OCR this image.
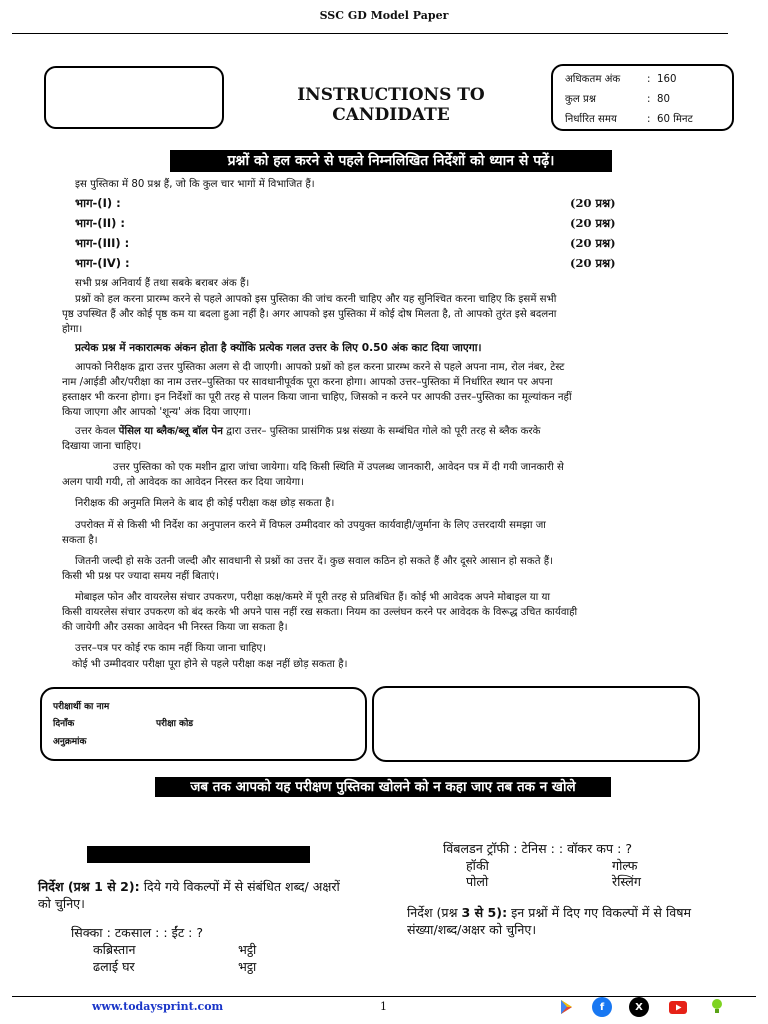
SSC GD Model Paper
INSTRUCTIONS TO CANDIDATE
अधिकतम अंक	: 160
कुल प्रश्न	: 80
निर्धारित समय	: 60 मिनट
प्रश्नों को हल करने से पहले निम्नलिखित निर्देशों को ध्यान से पढ़ें।
इस पुस्तिका में 80 प्रश्न हैं, जो कि कुल चार भागों में विभाजित हैं।
भाग-(I) :	(20 प्रश्न)
भाग-(II) :	(20 प्रश्न)
भाग-(III) :	(20 प्रश्न)
भाग-(IV) :	(20 प्रश्न)
सभी प्रश्न अनिवार्य हैं तथा सबके बराबर अंक हैं।
प्रश्नों को हल करना प्रारम्भ करने से पहले आपको इस पुस्तिका की जांच करनी चाहिए और यह सुनिश्चित करना चाहिए कि इसमें सभी
पृष्ठ उपस्थित हैं और कोई पृष्ठ कम या बदला हुआ नहीं है। अगर आपको इस पुस्तिका में कोई दोष मिलता है, तो आपको तुरंत इसे बदलना
होगा।
प्रत्येक प्रश्न में नकारात्मक अंकन होता है क्योंकि प्रत्येक गलत उत्तर के लिए 0.50 अंक काट दिया जाएगा।
आपको निरीक्षक द्वारा उत्तर पुस्तिका अलग से दी जाएगी। आपको प्रश्नों को हल करना प्रारम्भ करने से पहले अपना नाम, रोल नंबर, टेस्ट
नाम /आईडी और/परीक्षा का नाम उत्तर–पुस्तिका पर सावधानीपूर्वक पूरा करना होगा। आपको उत्तर–पुस्तिका में निर्धारित स्थान पर अपना
हस्ताक्षर भी करना होगा। इन निर्देशों का पूरी तरह से पालन किया जाना चाहिए, जिसको न करने पर आपकी उत्तर–पुस्तिका का मूल्यांकन नहीं
किया जाएगा और आपको 'शून्य' अंक दिया जाएगा।
उत्तर केवल पेंसिल या ब्लैक/ब्लू बॉल पेन द्वारा उत्तर– पुस्तिका प्रासंगिक प्रश्न संख्या के सम्बंधित गोले को पूरी तरह से ब्लैक करके
दिखाया जाना चाहिए।
उत्तर पुस्तिका को एक मशीन द्वारा जांचा जायेगा। यदि किसी स्थिति में उपलब्ध जानकारी, आवेदन पत्र में दी गयी जानकारी से
अलग पायी गयी, तो आवेदक का आवेदन निरस्त कर दिया जायेगा।
निरीक्षक की अनुमति मिलने के बाद ही कोई परीक्षा कक्ष छोड़ सकता है।
उपरोक्त में से किसी भी निर्देश का अनुपालन करने में विफल उम्मीदवार को उपयुक्त कार्यवाही/जुर्माना के लिए उत्तरदायी समझा जा
सकता है।
जितनी जल्दी हो सके उतनी जल्दी और सावधानी से प्रश्नों का उत्तर दें। कुछ सवाल कठिन हो सकते हैं और दूसरे आसान हो सकते हैं।
किसी भी प्रश्न पर ज्यादा समय नहीं बिताएं।
मोबाइल फोन और वायरलेस संचार उपकरण, परीक्षा कक्ष/कमरे में पूरी तरह से प्रतिबंधित हैं। कोई भी आवेदक अपने मोबाइल या या
किसी वायरलेस संचार उपकरण को बंद करके भी अपने पास नहीं रख सकता। नियम का उल्लंघन करने पर आवेदक के विरूद्ध उचित कार्यवाही
की जायेगी और उसका आवेदन भी निरस्त किया जा सकता है।
उत्तर–पत्र पर कोई रफ काम नहीं किया जाना चाहिए।
कोई भी उम्मीदवार परीक्षा पूरा होने से पहले परीक्षा कक्ष नहीं छोड़ सकता है।
परीक्षार्थी का नाम
दिनाँक	परीक्षा कोड
अनुक्रमांक
जब तक आपको यह परीक्षण पुस्तिका खोलने को न कहा जाए तब तक न खोले
निर्देश (प्रश्न 1 से 2): दिये गये विकल्पों में से संबंधित शब्द/ अक्षरों
को चुनिए।
सिक्का : टकसाल : : ईंट : ?
कब्रिस्तान	भट्ठी
ढलाई घर	भट्ठा
विंबलडन ट्रॉफी : टेनिस : : वॉकर कप : ?
हॉकी	गोल्फ
पोलो	रेस्लिंग
निर्देश (प्रश्न 3 से 5): इन प्रश्नों में दिए गए विकल्पों में से विषम
संख्या/शब्द/अक्षर को चुनिए।
www.todaysprint.com	1	f	X
